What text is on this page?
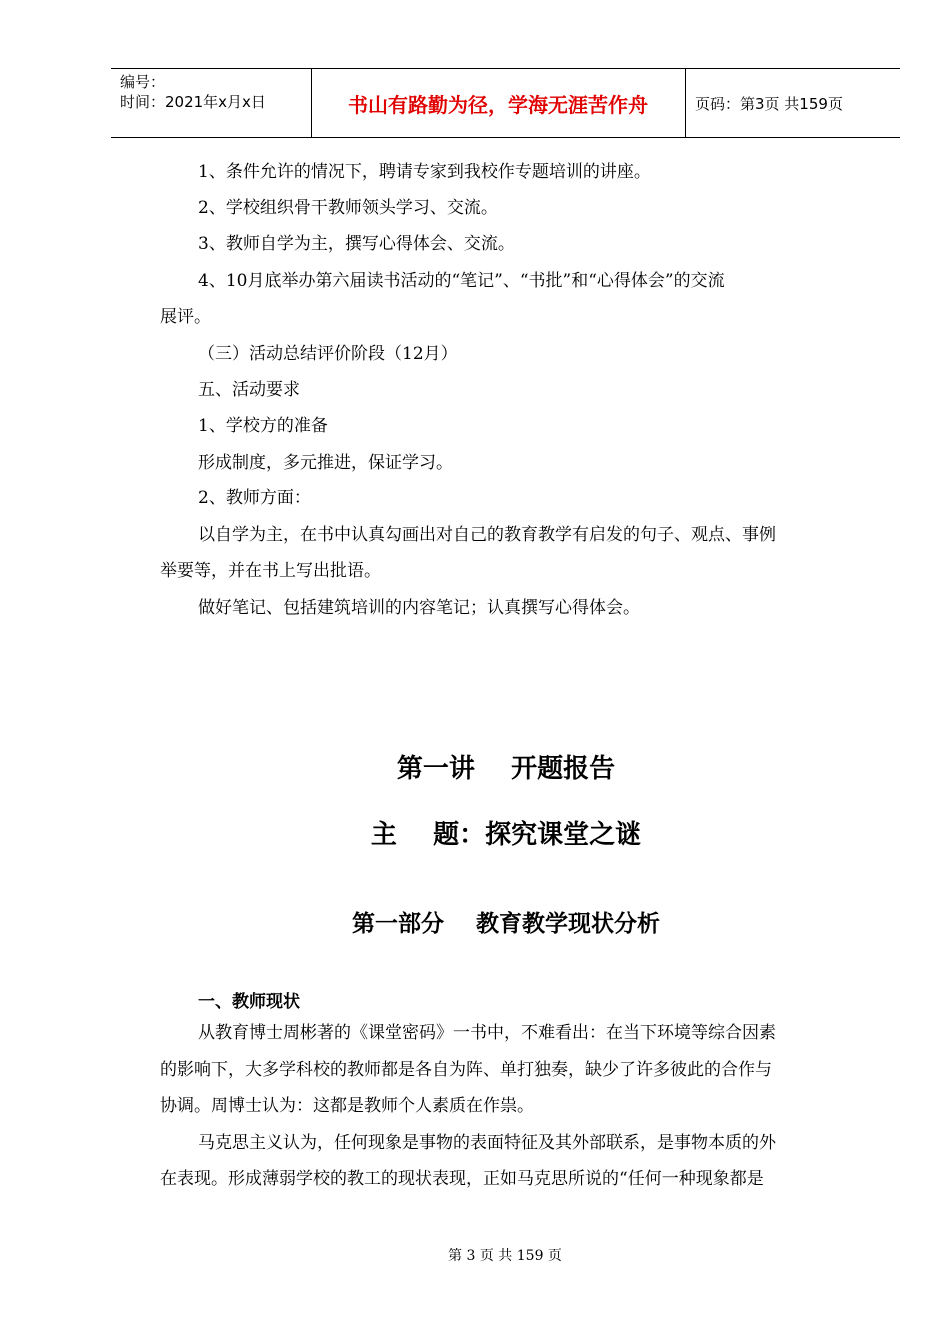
编号：
时间：2021年x月x日	书山有路勤为径，学海无涯苦作舟	页码：第3页 共159页
1、条件允许的情况下，聘请专家到我校作专题培训的讲座。
2、学校组织骨干教师领头学习、交流。
3、教师自学为主，撰写心得体会、交流。
4、10月底举办第六届读书活动的“笔记”、“书批”和“心得体会”的交流
展评。
（三）活动总结评价阶段（12月）
五、活动要求
1、学校方的准备
形成制度，多元推进，保证学习。
2、教师方面：
以自学为主，在书中认真勾画出对自己的教育教学有启发的句子、观点、事例
举要等，并在书上写出批语。
做好笔记、包括建筑培训的内容笔记；认真撰写心得体会。
第一讲    开题报告
主    题：探究课堂之谜
第一部分    教育教学现状分析
一、教师现状
从教育博士周彬著的《课堂密码》一书中，不难看出：在当下环境等综合因素
的影响下，大多学科校的教师都是各自为阵、单打独奏，缺少了许多彼此的合作与
协调。周博士认为：这都是教师个人素质在作祟。
马克思主义认为，任何现象是事物的表面特征及其外部联系，是事物本质的外
在表现。形成薄弱学校的教工的现状表现，正如马克思所说的“任何一种现象都是
第 3 页 共 159 页
